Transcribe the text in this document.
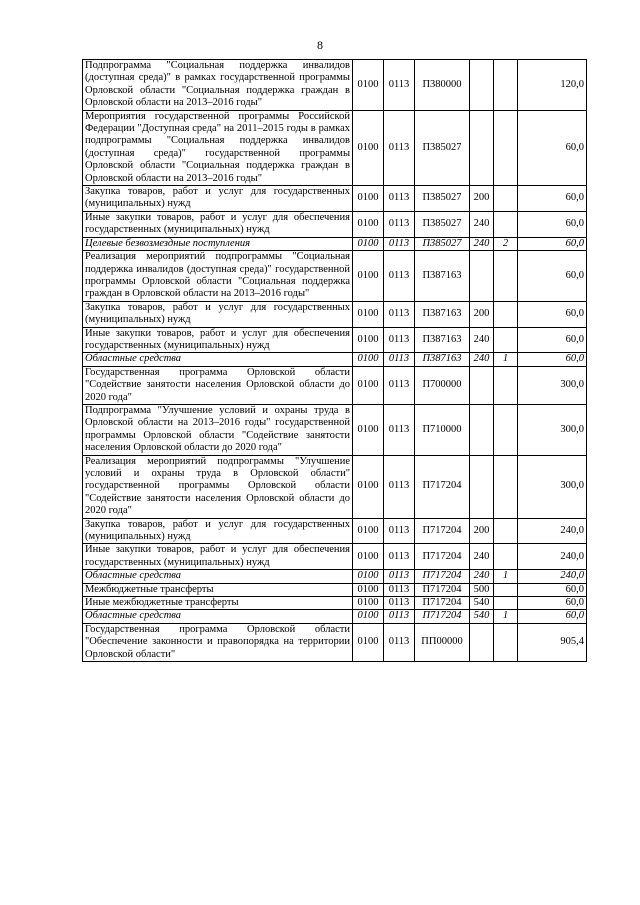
8
Подпрограмма "Социальная поддержка инвалидов (доступная среда)" в рамках государственной программы Орловской области "Социальная поддержка граждан в Орловской области на 2013–2016 годы"	0100	0113	П380000			120,0
Мероприятия государственной программы Российской Федерации "Доступная среда" на 2011–2015 годы в рамках подпрограммы "Социальная поддержка инвалидов (доступная среда)" государственной программы Орловской области "Социальная поддержка граждан в Орловской области на 2013–2016 годы"	0100	0113	П385027			60,0
Закупка товаров, работ и услуг для государственных (муниципальных) нужд	0100	0113	П385027	200		60,0
Иные закупки товаров, работ и услуг для обеспечения государственных (муниципальных) нужд	0100	0113	П385027	240		60,0
Целевые безвозмездные поступления	0100	0113	П385027	240	2	60,0
Реализация мероприятий подпрограммы "Социальная поддержка инвалидов (доступная среда)" государственной программы Орловской области "Социальная поддержка граждан в Орловской области на 2013–2016 годы"	0100	0113	П387163			60,0
Закупка товаров, работ и услуг для государственных (муниципальных) нужд	0100	0113	П387163	200		60,0
Иные закупки товаров, работ и услуг для обеспечения государственных (муниципальных) нужд	0100	0113	П387163	240		60,0
Областные средства	0100	0113	П387163	240	1	60,0
Государственная программа Орловской области "Содействие занятости населения Орловской области до 2020 года"	0100	0113	П700000			300,0
Подпрограмма "Улучшение условий и охраны труда в Орловской области на 2013–2016 годы" государственной программы Орловской области "Содействие занятости населения Орловской области до 2020 года"	0100	0113	П710000			300,0
Реализация мероприятий подпрограммы "Улучшение условий и охраны труда в Орловской области" государственной программы Орловской области "Содействие занятости населения Орловской области до 2020 года"	0100	0113	П717204			300,0
Закупка товаров, работ и услуг для государственных (муниципальных) нужд	0100	0113	П717204	200		240,0
Иные закупки товаров, работ и услуг для обеспечения государственных (муниципальных) нужд	0100	0113	П717204	240		240,0
Областные средства	0100	0113	П717204	240	1	240,0
Межбюджетные трансферты	0100	0113	П717204	500		60,0
Иные межбюджетные трансферты	0100	0113	П717204	540		60,0
Областные средства	0100	0113	П717204	540	1	60,0
Государственная программа Орловской области "Обеспечение законности и правопорядка на территории Орловской области"	0100	0113	ПП00000			905,4
